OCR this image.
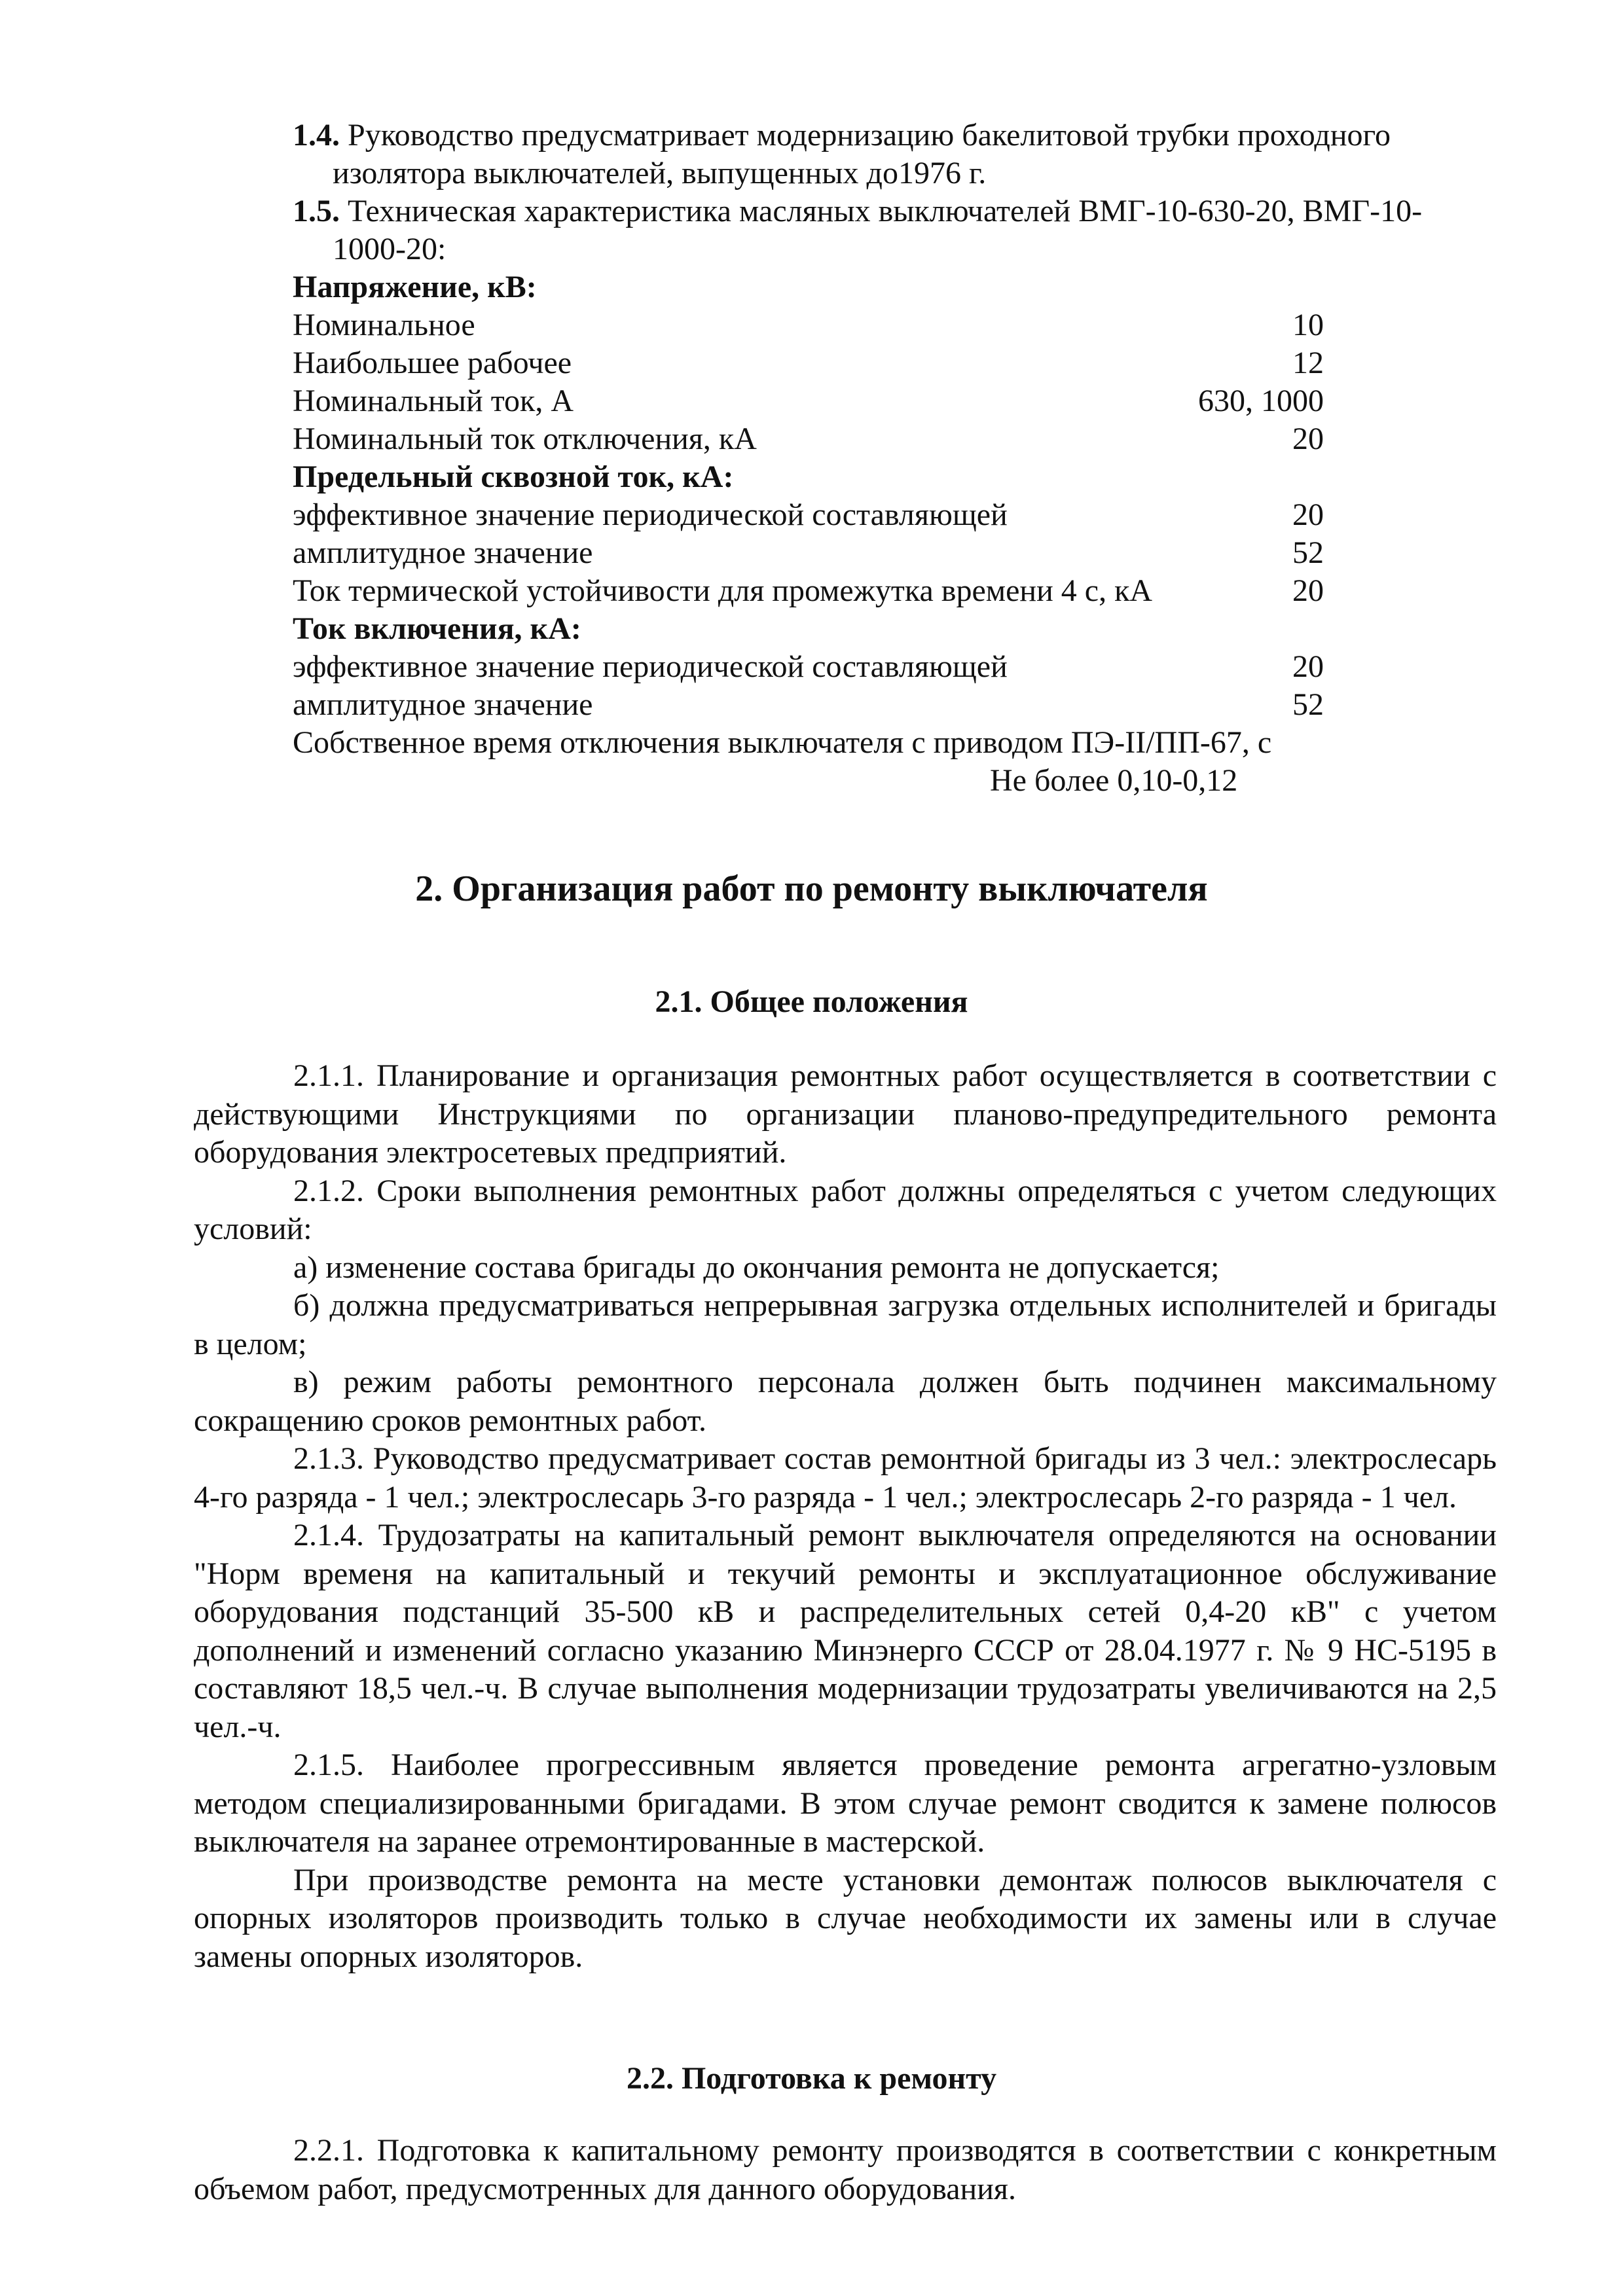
1.4. Руководство предусматривает модернизацию бакелитовой трубки проходного изолятора выключателей, выпущенных до1976 г.

1.5. Техническая характеристика масляных выключателей ВМГ-10-630-20, ВМГ-10-1000-20:

Напряжение, кВ:

Номинальное	10
Наибольшее рабочее	12
Номинальный ток, А	630, 1000
Номинальный ток отключения, кА	20

Предельный сквозной ток, кА:

эффективное значение периодической составляющей	20
амплитудное значение	52
Ток термической устойчивости для промежутка времени 4 с, кА	20

Ток включения, кА:

эффективное значение периодической составляющей	20
амплитудное значение	52

Собственное время отключения выключателя с приводом ПЭ-II/ПП-67, с

Не более 0,10-0,12

2. Организация работ по ремонту выключателя
2.1. Общее положения

2.1.1. Планирование и организация ремонтных работ осуществляется в соответствии с действующими Инструкциями по организации планово-предупредительного ремонта оборудования электросетевых предприятий.

2.1.2. Сроки выполнения ремонтных работ должны определяться с учетом следующих условий:

а) изменение состава бригады до окончания ремонта не допускается;

б) должна предусматриваться непрерывная загрузка отдельных исполнителей и бригады в целом;

в) режим работы ремонтного персонала должен быть подчинен максимальному сокращению сроков ремонтных работ.

2.1.3. Руководство предусматривает состав ремонтной бригады из 3 чел.: электрослесарь 4-го разряда - 1 чел.; электрослесарь 3-го разряда - 1 чел.; электрослесарь 2-го разряда - 1 чел.

2.1.4. Трудозатраты на капитальный ремонт выключателя определяются на основании "Норм временя на капитальный и текучий ремонты и эксплуатационное обслуживание оборудования подстанций 35-500 кВ и распределительных сетей 0,4-20 кВ" с учетом дополнений и изменений согласно указанию Минэнерго СССР от 28.04.1977 г. № 9 НС-5195 в составляют 18,5 чел.-ч. В случае выполнения модернизации трудозатраты увеличиваются на 2,5 чел.-ч.

2.1.5. Наиболее прогрессивным является проведение ремонта агрегатно-узловым методом специализированными бригадами. В этом случае ремонт сводится к замене полюсов выключателя на заранее отремонтированные в мастерской.

При производстве ремонта на месте установки демонтаж полюсов выключателя с опорных изоляторов производить только в случае необходимости их замены или в случае замены опорных изоляторов.

2.2. Подготовка к ремонту

2.2.1. Подготовка к капитальному ремонту производятся в соответствии с конкретным объемом работ, предусмотренных для данного оборудования.
